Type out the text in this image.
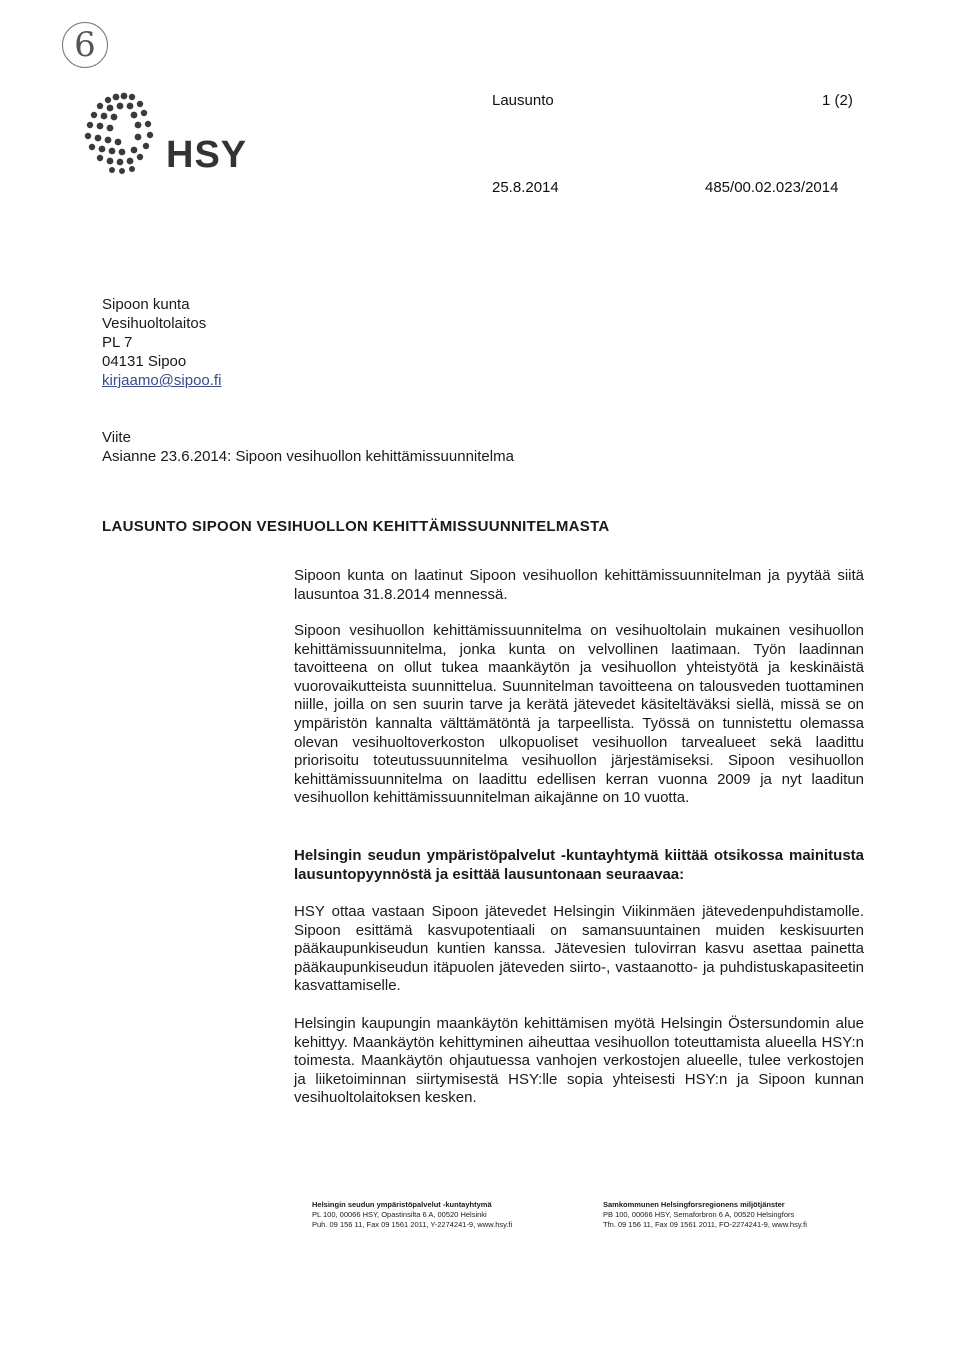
6
HSY
Lausunto	1 (2)
25.8.2014	485/00.02.023/2014
Sipoon kunta
Vesihuoltolaitos
PL 7
04131 Sipoo
kirjaamo@sipoo.fi
Viite
Asianne 23.6.2014: Sipoon vesihuollon kehittämissuunnitelma
LAUSUNTO SIPOON VESIHUOLLON KEHITTÄMISSUUNNITELMASTA

Sipoon kunta on laatinut Sipoon vesihuollon kehittämissuunnitelman ja pyytää siitä lausuntoa 31.8.2014 mennessä.

Sipoon vesihuollon kehittämissuunnitelma on vesihuoltolain mukainen vesihuollon kehittämissuunnitelma, jonka kunta on velvollinen laatimaan. Työn laadinnan tavoitteena on ollut tukea maankäytön ja vesihuollon yhteistyötä ja keskinäistä vuorovaikutteista suunnittelua. Suunnitelman tavoitteena on talousveden tuottaminen niille, joilla on sen suurin tarve ja kerätä jätevedet käsiteltäväksi siellä, missä se on ympäristön kannalta välttämätöntä ja tarpeellista. Työssä on tunnistettu olemassa olevan vesihuoltoverkoston ulkopuoliset vesihuollon tarvealueet sekä laadittu priorisoitu toteutussuunnitelma vesihuollon järjestämiseksi. Sipoon vesihuollon kehittämissuunnitelma on laadittu edellisen kerran vuonna 2009 ja nyt laaditun vesihuollon kehittämissuunnitelman aikajänne on 10 vuotta.

Helsingin seudun ympäristöpalvelut -kuntayhtymä kiittää otsikossa mainitusta lausuntopyynnöstä ja esittää lausuntonaan seuraavaa:

HSY ottaa vastaan Sipoon jätevedet Helsingin Viikinmäen jätevedenpuhdistamolle. Sipoon esittämä kasvupotentiaali on samansuuntainen muiden keskisuurten pääkaupunkiseudun kuntien kanssa. Jätevesien tulovirran kasvu asettaa painetta pääkaupunkiseudun itäpuolen jäteveden siirto-, vastaanotto- ja puhdistuskapasiteetin kasvattamiselle.

Helsingin kaupungin maankäytön kehittämisen myötä Helsingin Östersundomin alue kehittyy. Maankäytön kehittyminen aiheuttaa vesihuollon toteuttamista alueella HSY:n toimesta. Maankäytön ohjautuessa vanhojen verkostojen alueelle, tulee verkostojen ja liiketoiminnan siirtymisestä HSY:lle sopia yhteisesti HSY:n ja Sipoon kunnan vesihuoltolaitoksen kesken.

Helsingin seudun ympäristöpalvelut -kuntayhtymä
PL 100, 00066 HSY, Opastinsilta 6 A, 00520 Helsinki
Puh. 09 156 11, Fax 09 1561 2011, Y-2274241-9, www.hsy.fi
Samkommunen Helsingforsregionens miljötjänster
PB 100, 00066 HSY, Semaforbron 6 A, 00520 Helsingfors
Tfn. 09 156 11, Fax 09 1561 2011, FO-2274241-9, www.hsy.fi
